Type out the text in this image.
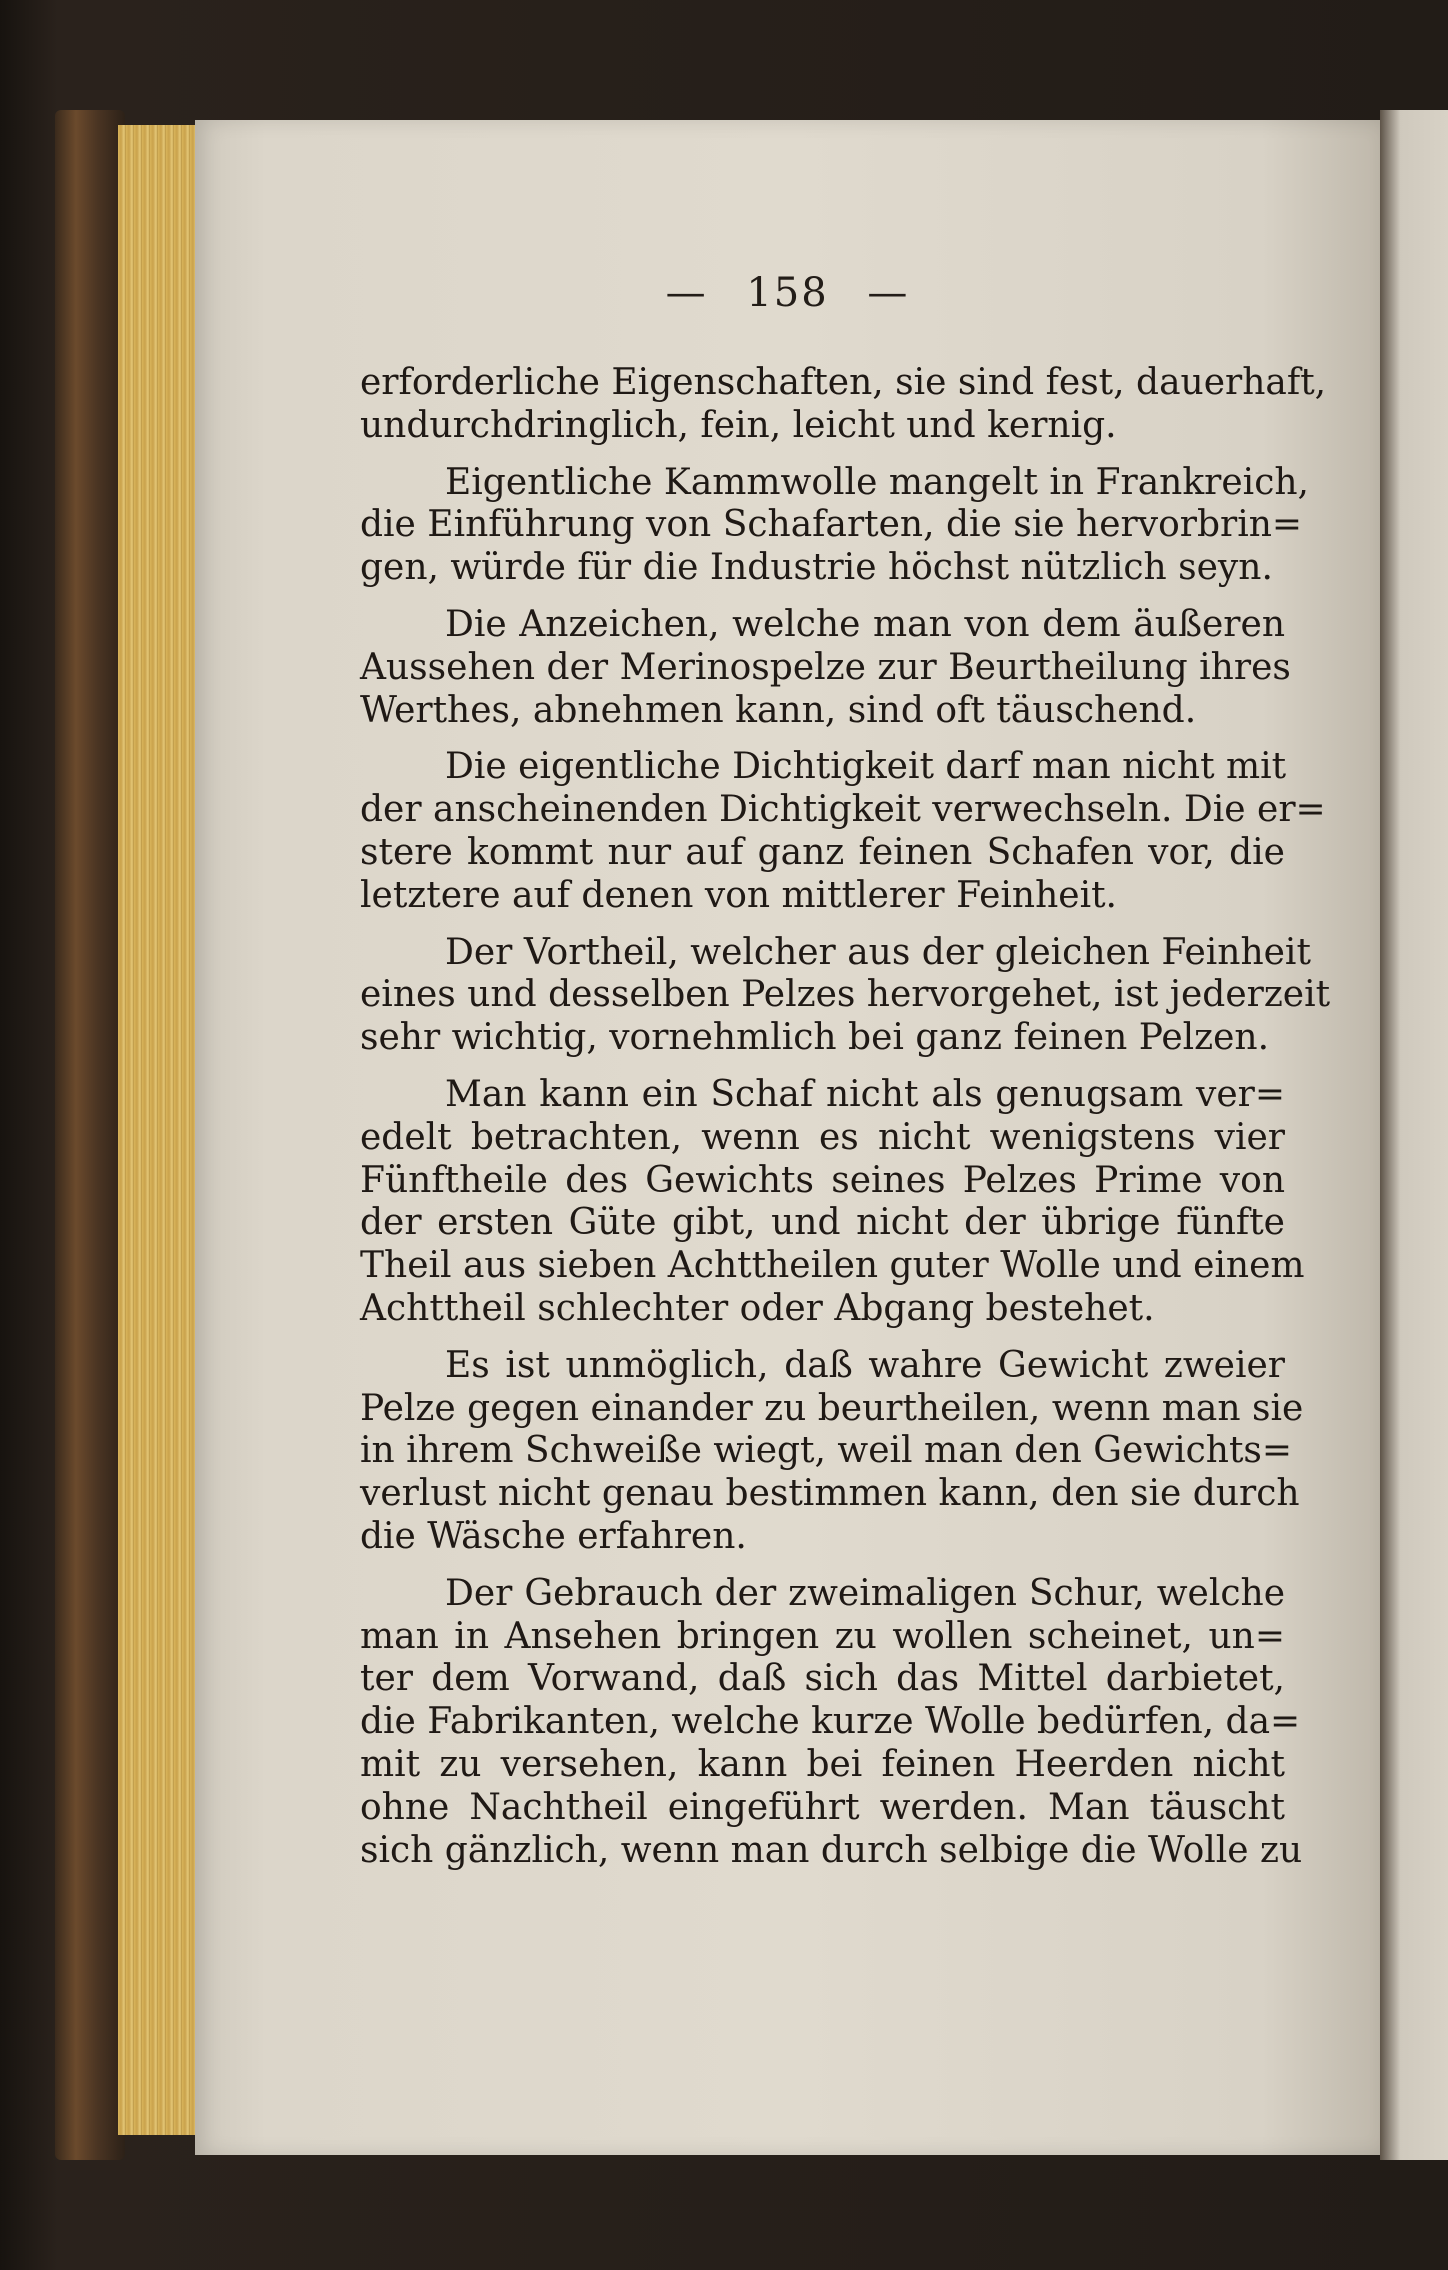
— 158 —
erforderliche Eigenschaften, sie sind fest, dauerhaft,
undurchdringlich, fein, leicht und kernig.
Eigentliche Kammwolle mangelt in Frankreich,
die Einführung von Schafarten, die sie hervorbrin=
gen, würde für die Industrie höchst nützlich seyn.
Die Anzeichen, welche man von dem äußeren
Aussehen der Merinospelze zur Beurtheilung ihres
Werthes, abnehmen kann, sind oft täuschend.
Die eigentliche Dichtigkeit darf man nicht mit
der anscheinenden Dichtigkeit verwechseln. Die er=
stere kommt nur auf ganz feinen Schafen vor, die
letztere auf denen von mittlerer Feinheit.
Der Vortheil, welcher aus der gleichen Feinheit
eines und desselben Pelzes hervorgehet, ist jederzeit
sehr wichtig, vornehmlich bei ganz feinen Pelzen.
Man kann ein Schaf nicht als genugsam ver=
edelt betrachten, wenn es nicht wenigstens vier
Fünftheile des Gewichts seines Pelzes Prime von
der ersten Güte gibt, und nicht der übrige fünfte
Theil aus sieben Achttheilen guter Wolle und einem
Achttheil schlechter oder Abgang bestehet.
Es ist unmöglich, daß wahre Gewicht zweier
Pelze gegen einander zu beurtheilen, wenn man sie
in ihrem Schweiße wiegt, weil man den Gewichts=
verlust nicht genau bestimmen kann, den sie durch
die Wäsche erfahren.
Der Gebrauch der zweimaligen Schur, welche
man in Ansehen bringen zu wollen scheinet, un=
ter dem Vorwand, daß sich das Mittel darbietet,
die Fabrikanten, welche kurze Wolle bedürfen, da=
mit zu versehen, kann bei feinen Heerden nicht
ohne Nachtheil eingeführt werden. Man täuscht
sich gänzlich, wenn man durch selbige die Wolle zu
